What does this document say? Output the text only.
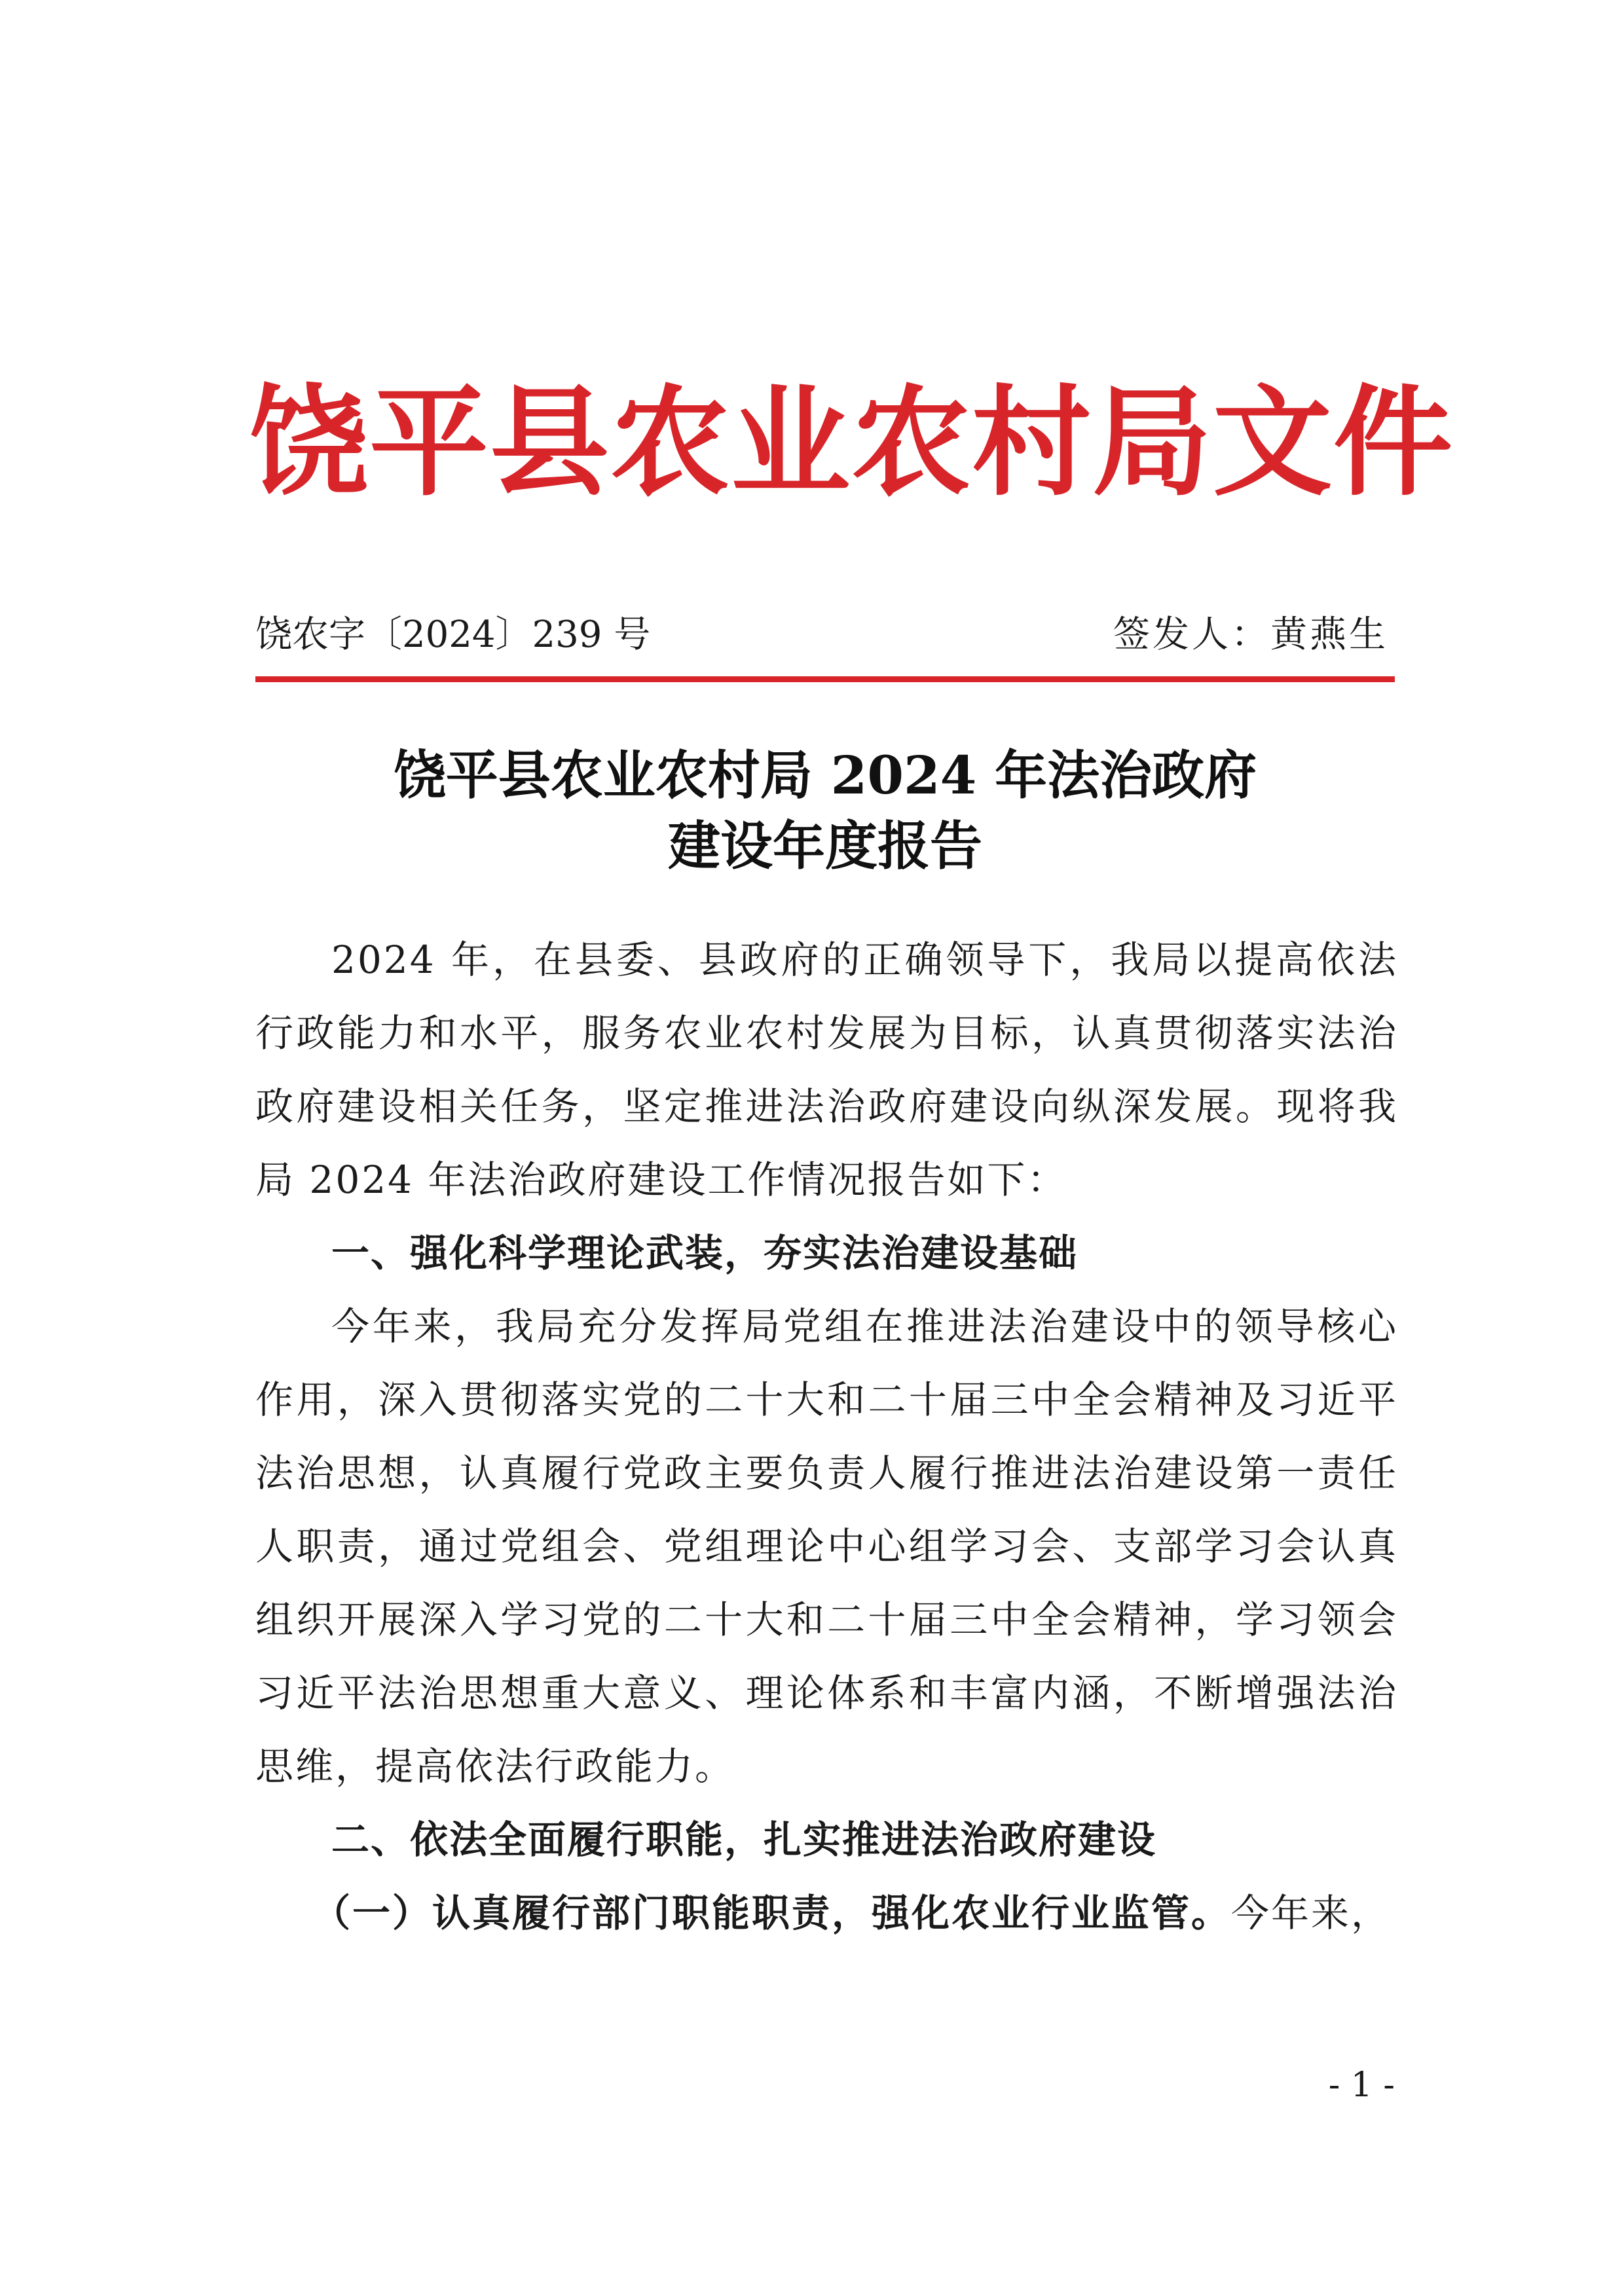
饶平县农业农村局文件
饶农字〔2024〕239 号	签发人：黄燕生
饶平县农业农村局 2024 年法治政府
建设年度报告

2024 年，在县委、县政府的正确领导下，我局以提高依法行政能力和水平，服务农业农村发展为目标，认真贯彻落实法治政府建设相关任务，坚定推进法治政府建设向纵深发展。现将我局 2024 年法治政府建设工作情况报告如下：

一、强化科学理论武装，夯实法治建设基础

今年来，我局充分发挥局党组在推进法治建设中的领导核心作用，深入贯彻落实党的二十大和二十届三中全会精神及习近平法治思想，认真履行党政主要负责人履行推进法治建设第一责任人职责，通过党组会、党组理论中心组学习会、支部学习会认真组织开展深入学习党的二十大和二十届三中全会精神，学习领会习近平法治思想重大意义、理论体系和丰富内涵，不断增强法治思维，提高依法行政能力。

二、依法全面履行职能，扎实推进法治政府建设

（一）认真履行部门职能职责，强化农业行业监管。今年来，

- 1 -
